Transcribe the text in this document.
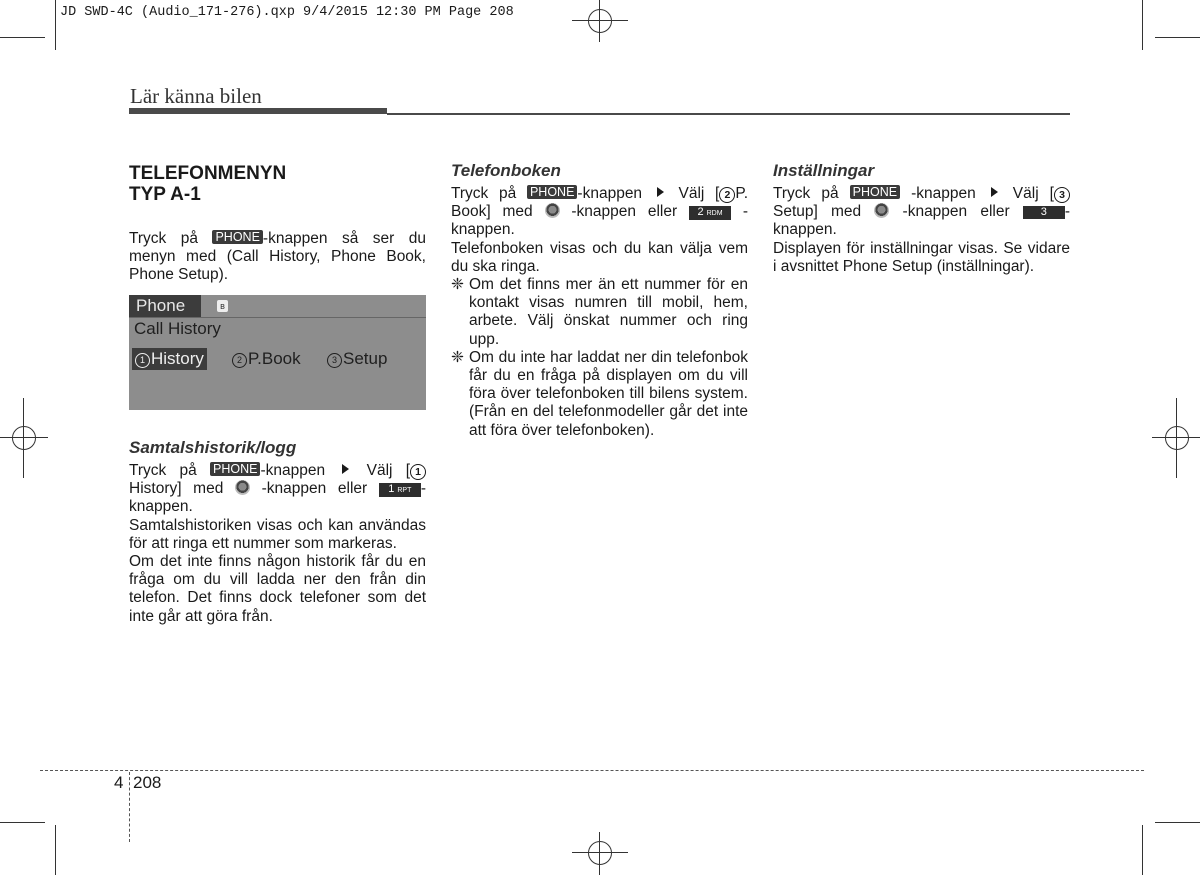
JD SWD-4C (Audio_171-276).qxp 9/4/2015 12:30 PM Page 208
Lär känna bilen
TELEFONMENYN
TYP A-1

Tryck på PHONE -knappen så ser du menyn med (Call History, Phone Book, Phone Setup).

Phone	ʙ
Call History
1 History	2 P.Book	3 Setup
Samtalshistorik/logg

Tryck på PHONE -knappen	Välj [ 1 History] med -knappen eller 1 RPT -knappen.

Samtalshistoriken visas och kan användas för att ringa ett nummer som markeras.

Om det inte finns någon historik får du en fråga om du vill ladda ner den från din telefon. Det finns dock telefoner som det inte går att göra från.

Telefonboken

Tryck på PHONE -knappen Välj [ 2 P. Book] med -knappen eller 2 RDM -knappen.

Telefonboken visas och du kan välja vem du ska ringa.

❈ Om det finns mer än ett nummer för en kontakt visas numren till mobil, hem, arbete. Välj önskat nummer och ring upp.
❈ Om du inte har laddat ner din telefonbok får du en fråga på displayen om du vill föra över telefonboken till bilens system. (Från en del telefonmodeller går det inte att föra över telefonboken).
Inställningar

Tryck på PHONE -knappen Välj [ 3 Setup] med	-knappen eller	3 -knappen.

Displayen för inställningar visas. Se vidare i avsnittet Phone Setup (inställningar).

4 208
